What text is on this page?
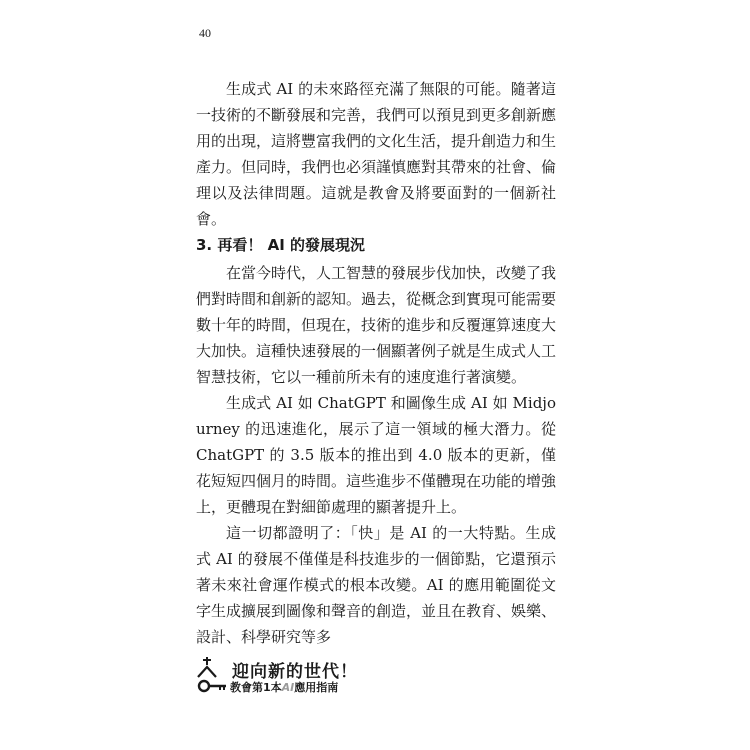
40

生成式 AI 的未來路徑充滿了無限的可能。隨著這一技術的不斷發展和完善，我們可以預見到更多創新應用的出現，這將豐富我們的文化生活，提升創造力和生產力。但同時，我們也必須謹慎應對其帶來的社會、倫理以及法律問題。這就是教會及將要面對的一個新社會。

3. 再看！ AI 的發展現況

在當今時代，人工智慧的發展步伐加快，改變了我們對時間和創新的認知。過去，從概念到實現可能需要數十年的時間，但現在，技術的進步和反覆運算速度大大加快。這種快速發展的一個顯著例子就是生成式人工智慧技術，它以一種前所未有的速度進行著演變。

生成式 AI 如 ChatGPT 和圖像生成 AI 如 Midjourney 的迅速進化，展示了這一領域的極大潛力。從 ChatGPT 的 3.5 版本的推出到 4.0 版本的更新，僅花短短四個月的時間。這些進步不僅體現在功能的增強上，更體現在對細節處理的顯著提升上。

這一切都證明了：「快」是 AI 的一大特點。生成式 AI 的發展不僅僅是科技進步的一個節點，它還預示著未來社會運作模式的根本改變。AI 的應用範圍從文字生成擴展到圖像和聲音的創造，並且在教育、娛樂、設計、科學研究等多

迎向新的世代！
教會第1本AI應用指南
